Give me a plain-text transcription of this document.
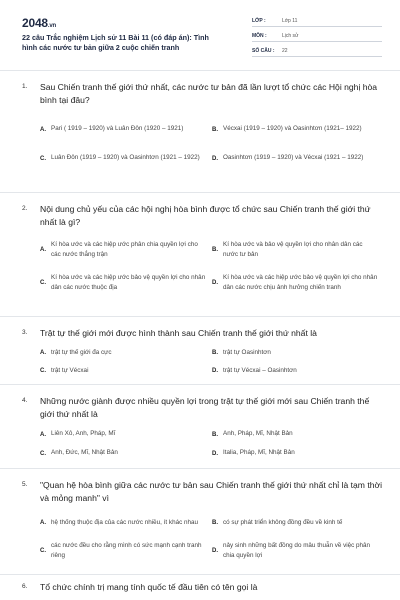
2048.vn
22 câu Trắc nghiệm Lịch sử 11 Bài 11 (có đáp án): Tình hình các nước tư bản giữa 2 cuộc chiến tranh
LỚP :	Lớp 11
MÔN :	Lịch sử
SỐ CÂU :	22
1.	Sau Chiến tranh thế giới thứ nhất, các nước tư bản đã lần lượt tổ chức các Hội nghị hòa bình tại đâu?
A. Pari ( 1919 – 1920) và Luân Đôn (1920 – 1921)	B. Vécxai (1919 – 1920) và Oasinhtơn (1921– 1922)
C. Luân Đôn (1919 – 1920) và Oasinhtơn (1921 – 1922)	D. Oasinhtơn (1919 – 1920) và Vécxai (1921 – 1922)
2.	Nội dung chủ yếu của các hội nghị hòa bình được tổ chức sau Chiến tranh thế giới thứ nhất là gì?
A.
Kí hòa ước và các hiệp ước phân chia quyền lợi cho các nước thắng trận
B.
Kí hòa ước và bảo vệ quyền lợi cho nhân dân các nước tư bản
C.
Kí hòa ước và các hiệp ước bảo vệ quyền lợi cho nhân dân các nước thuộc địa
D.
Kí hòa ước và các hiệp ước bảo vệ quyền lợi cho nhân dân các nước chịu ảnh hưởng chiến tranh
3.	Trật tự thế giới mới được hình thành sau Chiến tranh thế giới thứ nhất là
A. trật tự thế giới đa cực	B. trật tự Oasinhtơn
C. trật tự Vécxai	D. trật tự Vécxai – Oasinhtơn
4.	Những nước giành được nhiều quyền lợi trong trật tự thế giới mới sau Chiến tranh thế giới thứ nhất là
A. Liên Xô, Anh, Pháp, Mĩ	B. Anh, Pháp, Mĩ, Nhật Bản
C. Anh, Đức, Mĩ, Nhật Bản	D. Italia, Pháp, Mĩ, Nhật Bản
5.	"Quan hệ hòa bình giữa các nước tư bản sau Chiến tranh thế giới thứ nhất chỉ là tạm thời và mỏng manh" vì
A. hệ thống thuộc địa của các nước nhiều, ít khác nhau	B. có sự phát triển không đồng đều về kinh tế
C.
các nước đều cho rằng mình có sức mạnh cạnh tranh riêng
D.
nảy sinh những bất đồng do mâu thuẫn về việc phân chia quyền lợi
6.	Tổ chức chính trị mang tính quốc tế đầu tiên có tên gọi là
